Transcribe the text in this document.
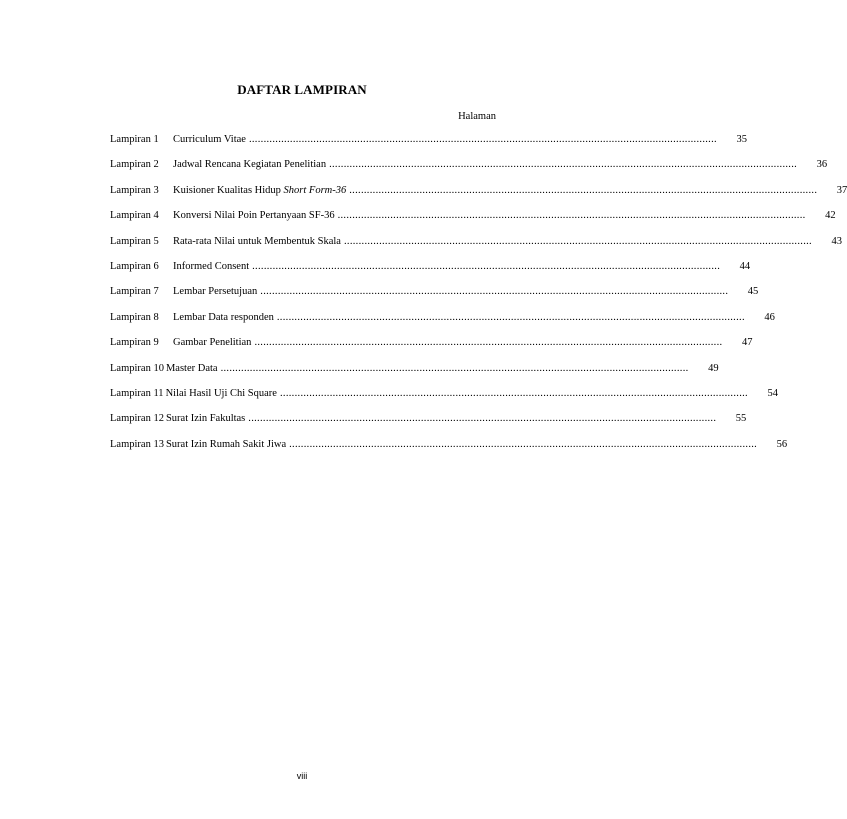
DAFTAR LAMPIRAN
Halaman
Lampiran 1	Curriculum Vitae ................................................................................................................................................................	35
Lampiran 2	Jadwal Rencana Kegiatan Penelitian ................................................................................................................................................................	36
Lampiran 3	Kuisioner Kualitas Hidup Short Form-36 ................................................................................................................................................................	37
Lampiran 4	Konversi Nilai Poin Pertanyaan SF-36 ................................................................................................................................................................	42
Lampiran 5	Rata-rata Nilai untuk Membentuk Skala ................................................................................................................................................................	43
Lampiran 6	Informed Consent ................................................................................................................................................................	44
Lampiran 7	Lembar Persetujuan ................................................................................................................................................................	45
Lampiran 8	Lembar Data responden ................................................................................................................................................................	46
Lampiran 9	Gambar Penelitian ................................................................................................................................................................	47
Lampiran 10 Master Data ................................................................................................................................................................	49
Lampiran 11 Nilai Hasil Uji Chi Square ................................................................................................................................................................	54
Lampiran 12 Surat Izin Fakultas ................................................................................................................................................................	55
Lampiran 13 Surat Izin Rumah Sakit Jiwa ................................................................................................................................................................	56
viii
